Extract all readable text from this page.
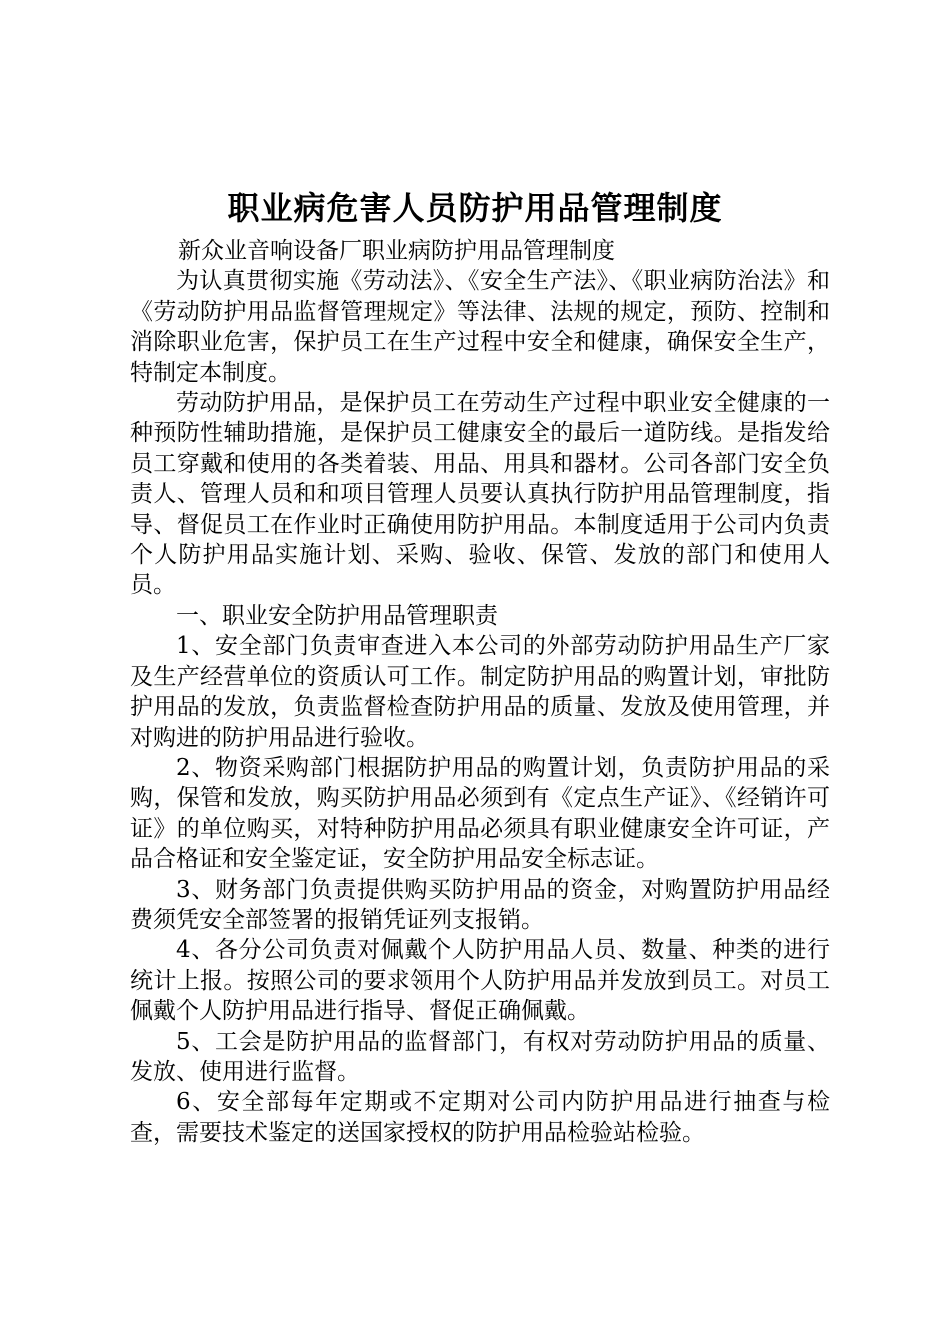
职业病危害人员防护用品管理制度

新众业音响设备厂职业病防护用品管理制度

为认真贯彻实施《劳动法》、《安全生产法》、《职业病防治法》和《劳动防护用品监督管理规定》等法律、法规的规定，预防、控制和消除职业危害，保护员工在生产过程中安全和健康，确保安全生产，特制定本制度。

劳动防护用品，是保护员工在劳动生产过程中职业安全健康的一种预防性辅助措施，是保护员工健康安全的最后一道防线。是指发给员工穿戴和使用的各类着装、用品、用具和器材。公司各部门安全负责人、管理人员和和项目管理人员要认真执行防护用品管理制度，指导、督促员工在作业时正确使用防护用品。本制度适用于公司内负责个人防护用品实施计划、采购、验收、保管、发放的部门和使用人员。

一、职业安全防护用品管理职责

1、安全部门负责审查进入本公司的外部劳动防护用品生产厂家及生产经营单位的资质认可工作。制定防护用品的购置计划，审批防护用品的发放，负责监督检查防护用品的质量、发放及使用管理，并对购进的防护用品进行验收。

2、物资采购部门根据防护用品的购置计划，负责防护用品的采购，保管和发放，购买防护用品必须到有《定点生产证》、《经销许可证》的单位购买，对特种防护用品必须具有职业健康安全许可证，产品合格证和安全鉴定证，安全防护用品安全标志证。

3、财务部门负责提供购买防护用品的资金，对购置防护用品经费须凭安全部签署的报销凭证列支报销。

4、各分公司负责对佩戴个人防护用品人员、数量、种类的进行统计上报。按照公司的要求领用个人防护用品并发放到员工。对员工佩戴个人防护用品进行指导、督促正确佩戴。

5、工会是防护用品的监督部门，有权对劳动防护用品的质量、发放、使用进行监督。

6、安全部每年定期或不定期对公司内防护用品进行抽查与检查，需要技术鉴定的送国家授权的防护用品检验站检验。
